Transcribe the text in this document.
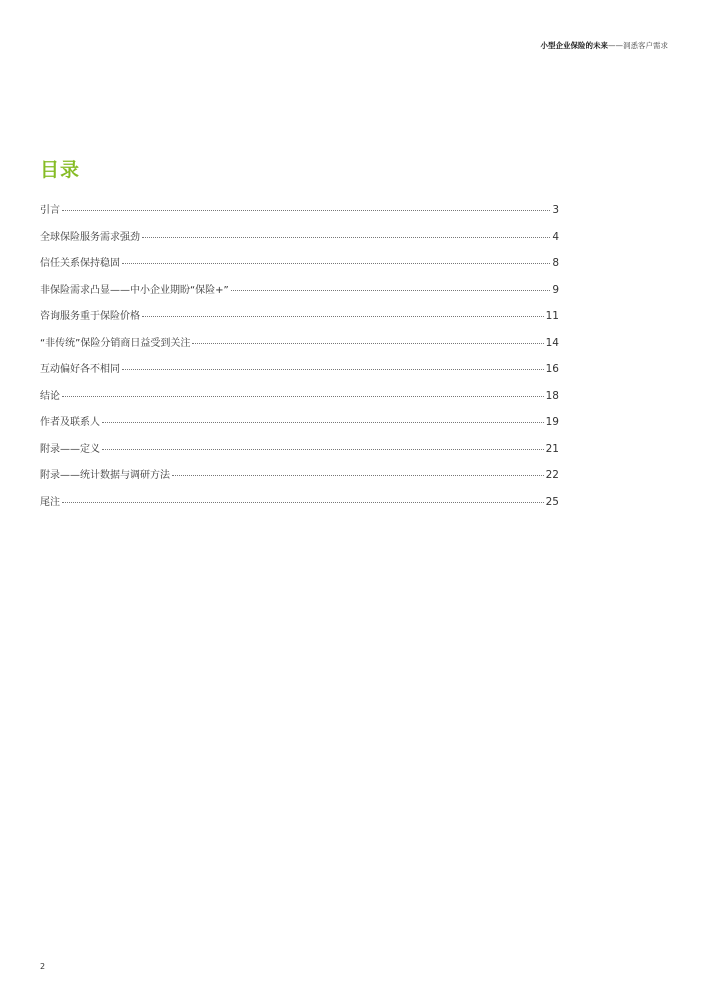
小型企业保险的未来——洞悉客户需求
目录
引言	3
全球保险服务需求强劲	4
信任关系保持稳固	8
非保险需求凸显——中小企业期盼“保险+”	9
咨询服务重于保险价格	11
“非传统”保险分销商日益受到关注	14
互动偏好各不相同	16
结论	18
作者及联系人	19
附录——定义	21
附录——统计数据与调研方法	22
尾注	25
2
